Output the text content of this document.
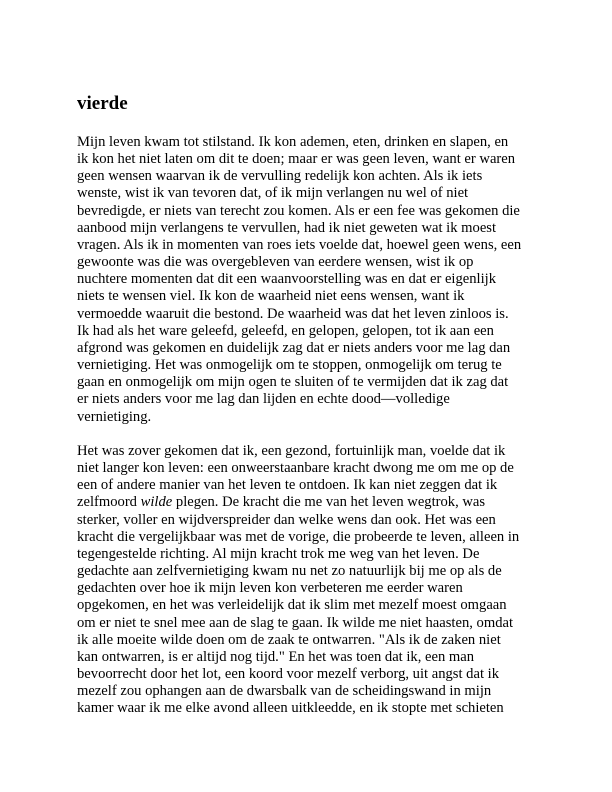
vierde
Mijn leven kwam tot stilstand. Ik kon ademen, eten, drinken en slapen, en
ik kon het niet laten om dit te doen; maar er was geen leven, want er waren
geen wensen waarvan ik de vervulling redelijk kon achten. Als ik iets
wenste, wist ik van tevoren dat, of ik mijn verlangen nu wel of niet
bevredigde, er niets van terecht zou komen. Als er een fee was gekomen die
aanbood mijn verlangens te vervullen, had ik niet geweten wat ik moest
vragen. Als ik in momenten van roes iets voelde dat, hoewel geen wens, een
gewoonte was die was overgebleven van eerdere wensen, wist ik op
nuchtere momenten dat dit een waanvoorstelling was en dat er eigenlijk
niets te wensen viel. Ik kon de waarheid niet eens wensen, want ik
vermoedde waaruit die bestond. De waarheid was dat het leven zinloos is.
Ik had als het ware geleefd, geleefd, en gelopen, gelopen, tot ik aan een
afgrond was gekomen en duidelijk zag dat er niets anders voor me lag dan
vernietiging. Het was onmogelijk om te stoppen, onmogelijk om terug te
gaan en onmogelijk om mijn ogen te sluiten of te vermijden dat ik zag dat
er niets anders voor me lag dan lijden en echte dood—volledige
vernietiging.
Het was zover gekomen dat ik, een gezond, fortuinlijk man, voelde dat ik
niet langer kon leven: een onweerstaanbare kracht dwong me om me op de
een of andere manier van het leven te ontdoen. Ik kan niet zeggen dat ik
zelfmoord wilde plegen. De kracht die me van het leven wegtrok, was
sterker, voller en wijdverspreider dan welke wens dan ook. Het was een
kracht die vergelijkbaar was met de vorige, die probeerde te leven, alleen in
tegengestelde richting. Al mijn kracht trok me weg van het leven. De
gedachte aan zelfvernietiging kwam nu net zo natuurlijk bij me op als de
gedachten over hoe ik mijn leven kon verbeteren me eerder waren
opgekomen, en het was verleidelijk dat ik slim met mezelf moest omgaan
om er niet te snel mee aan de slag te gaan. Ik wilde me niet haasten, omdat
ik alle moeite wilde doen om de zaak te ontwarren. "Als ik de zaken niet
kan ontwarren, is er altijd nog tijd." En het was toen dat ik, een man
bevoorrecht door het lot, een koord voor mezelf verborg, uit angst dat ik
mezelf zou ophangen aan de dwarsbalk van de scheidingswand in mijn
kamer waar ik me elke avond alleen uitkleedde, en ik stopte met schieten
